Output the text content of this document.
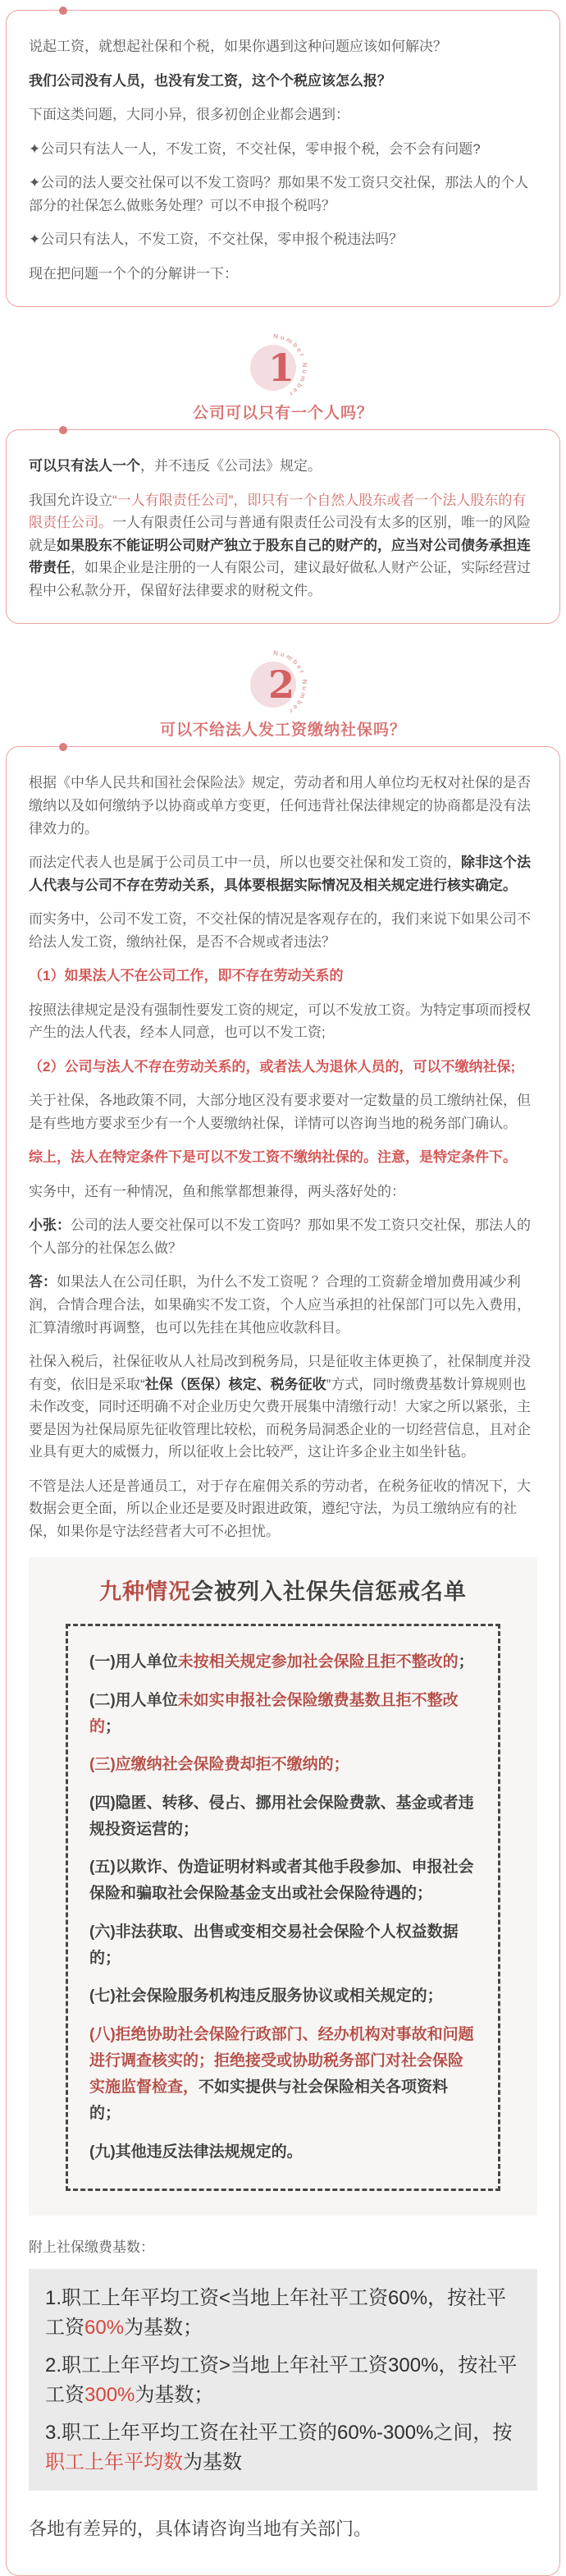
说起工资，就想起社保和个税，如果你遇到这种问题应该如何解决？

我们公司没有人员，也没有发工资，这个个税应该怎么报？

下面这类问题，大同小异，很多初创企业都会遇到：

✦公司只有法人一人，不发工资，不交社保，零申报个税，会不会有问题?

✦公司的法人要交社保可以不发工资吗？那如果不发工资只交社保，那法人的个人部分的社保怎么做账务处理？可以不申报个税吗？

✦公司只有法人，不发工资，不交社保，零申报个税违法吗？

现在把问题一个个的分解讲一下：

Number Number
1
公司可以只有一个人吗？

可以只有法人一个，并不违反《公司法》规定。

我国允许设立“一人有限责任公司”，即只有一个自然人股东或者一个法人股东的有限责任公司。一人有限责任公司与普通有限责任公司没有太多的区别，唯一的风险就是如果股东不能证明公司财产独立于股东自己的财产的，应当对公司债务承担连带责任，如果企业是注册的一人有限公司，建议最好做私人财产公证，实际经营过程中公私款分开，保留好法律要求的财税文件。

Number Number
2
可以不给法人发工资缴纳社保吗？

根据《中华人民共和国社会保险法》规定，劳动者和用人单位均无权对社保的是否缴纳以及如何缴纳予以协商或单方变更，任何违背社保法律规定的协商都是没有法律效力的。

而法定代表人也是属于公司员工中一员，所以也要交社保和发工资的，除非这个法人代表与公司不存在劳动关系，具体要根据实际情况及相关规定进行核实确定。

而实务中，公司不发工资，不交社保的情况是客观存在的，我们来说下如果公司不给法人发工资，缴纳社保，是否不合规或者违法？

（1）如果法人不在公司工作，即不存在劳动关系的

按照法律规定是没有强制性要发工资的规定，可以不发放工资。为特定事项而授权产生的法人代表，经本人同意，也可以不发工资;

（2）公司与法人不存在劳动关系的，或者法人为退休人员的，可以不缴纳社保;

关于社保，各地政策不同，大部分地区没有要求要对一定数量的员工缴纳社保，但是有些地方要求至少有一个人要缴纳社保，详情可以咨询当地的税务部门确认。

综上，法人在特定条件下是可以不发工资不缴纳社保的。注意，是特定条件下。

实务中，还有一种情况，鱼和熊掌都想兼得，两头落好处的：

小张：公司的法人要交社保可以不发工资吗？那如果不发工资只交社保，那法人的个人部分的社保怎么做？

答：如果法人在公司任职，为什么不发工资呢 ？合理的工资薪金增加费用减少利润，合情合理合法，如果确实不发工资，个人应当承担的社保部门可以先入费用，汇算清缴时再调整，也可以先挂在其他应收款科目。

社保入税后，社保征收从人社局改到税务局，只是征收主体更换了，社保制度并没有变，依旧是采取“社保（医保）核定、税务征收”方式，同时缴费基数计算规则也未作改变，同时还明确不对企业历史欠费开展集中清缴行动！大家之所以紧张，主要是因为社保局原先征收管理比较松，而税务局洞悉企业的一切经营信息，且对企业具有更大的威慑力，所以征收上会比较严，这让许多企业主如坐针毡。

不管是法人还是普通员工，对于存在雇佣关系的劳动者，在税务征收的情况下，大数据会更全面，所以企业还是要及时跟进政策，遵纪守法，为员工缴纳应有的社保，如果你是守法经营者大可不必担忧。

九种情况会被列入社保失信惩戒名单

(一)用人单位未按相关规定参加社会保险且拒不整改的；

(二)用人单位未如实申报社会保险缴费基数且拒不整改的；

(三)应缴纳社会保险费却拒不缴纳的；

(四)隐匿、转移、侵占、挪用社会保险费款、基金或者违规投资运营的；

(五)以欺诈、伪造证明材料或者其他手段参加、申报社会保险和骗取社会保险基金支出或社会保险待遇的；

(六)非法获取、出售或变相交易社会保险个人权益数据的；

(七)社会保险服务机构违反服务协议或相关规定的；

(八)拒绝协助社会保险行政部门、经办机构对事故和问题进行调查核实的；拒绝接受或协助税务部门对社会保险实施监督检查，不如实提供与社会保险相关各项资料的；

(九)其他违反法律法规规定的。

附上社保缴费基数：

1.职工上年平均工资<当地上年社平工资60%，按社平工资60%为基数；

2.职工上年平均工资>当地上年社平工资300%，按社平工资300%为基数；

3.职工上年平均工资在社平工资的60%-300%之间，按职工上年平均数为基数

各地有差异的，具体请咨询当地有关部门。
